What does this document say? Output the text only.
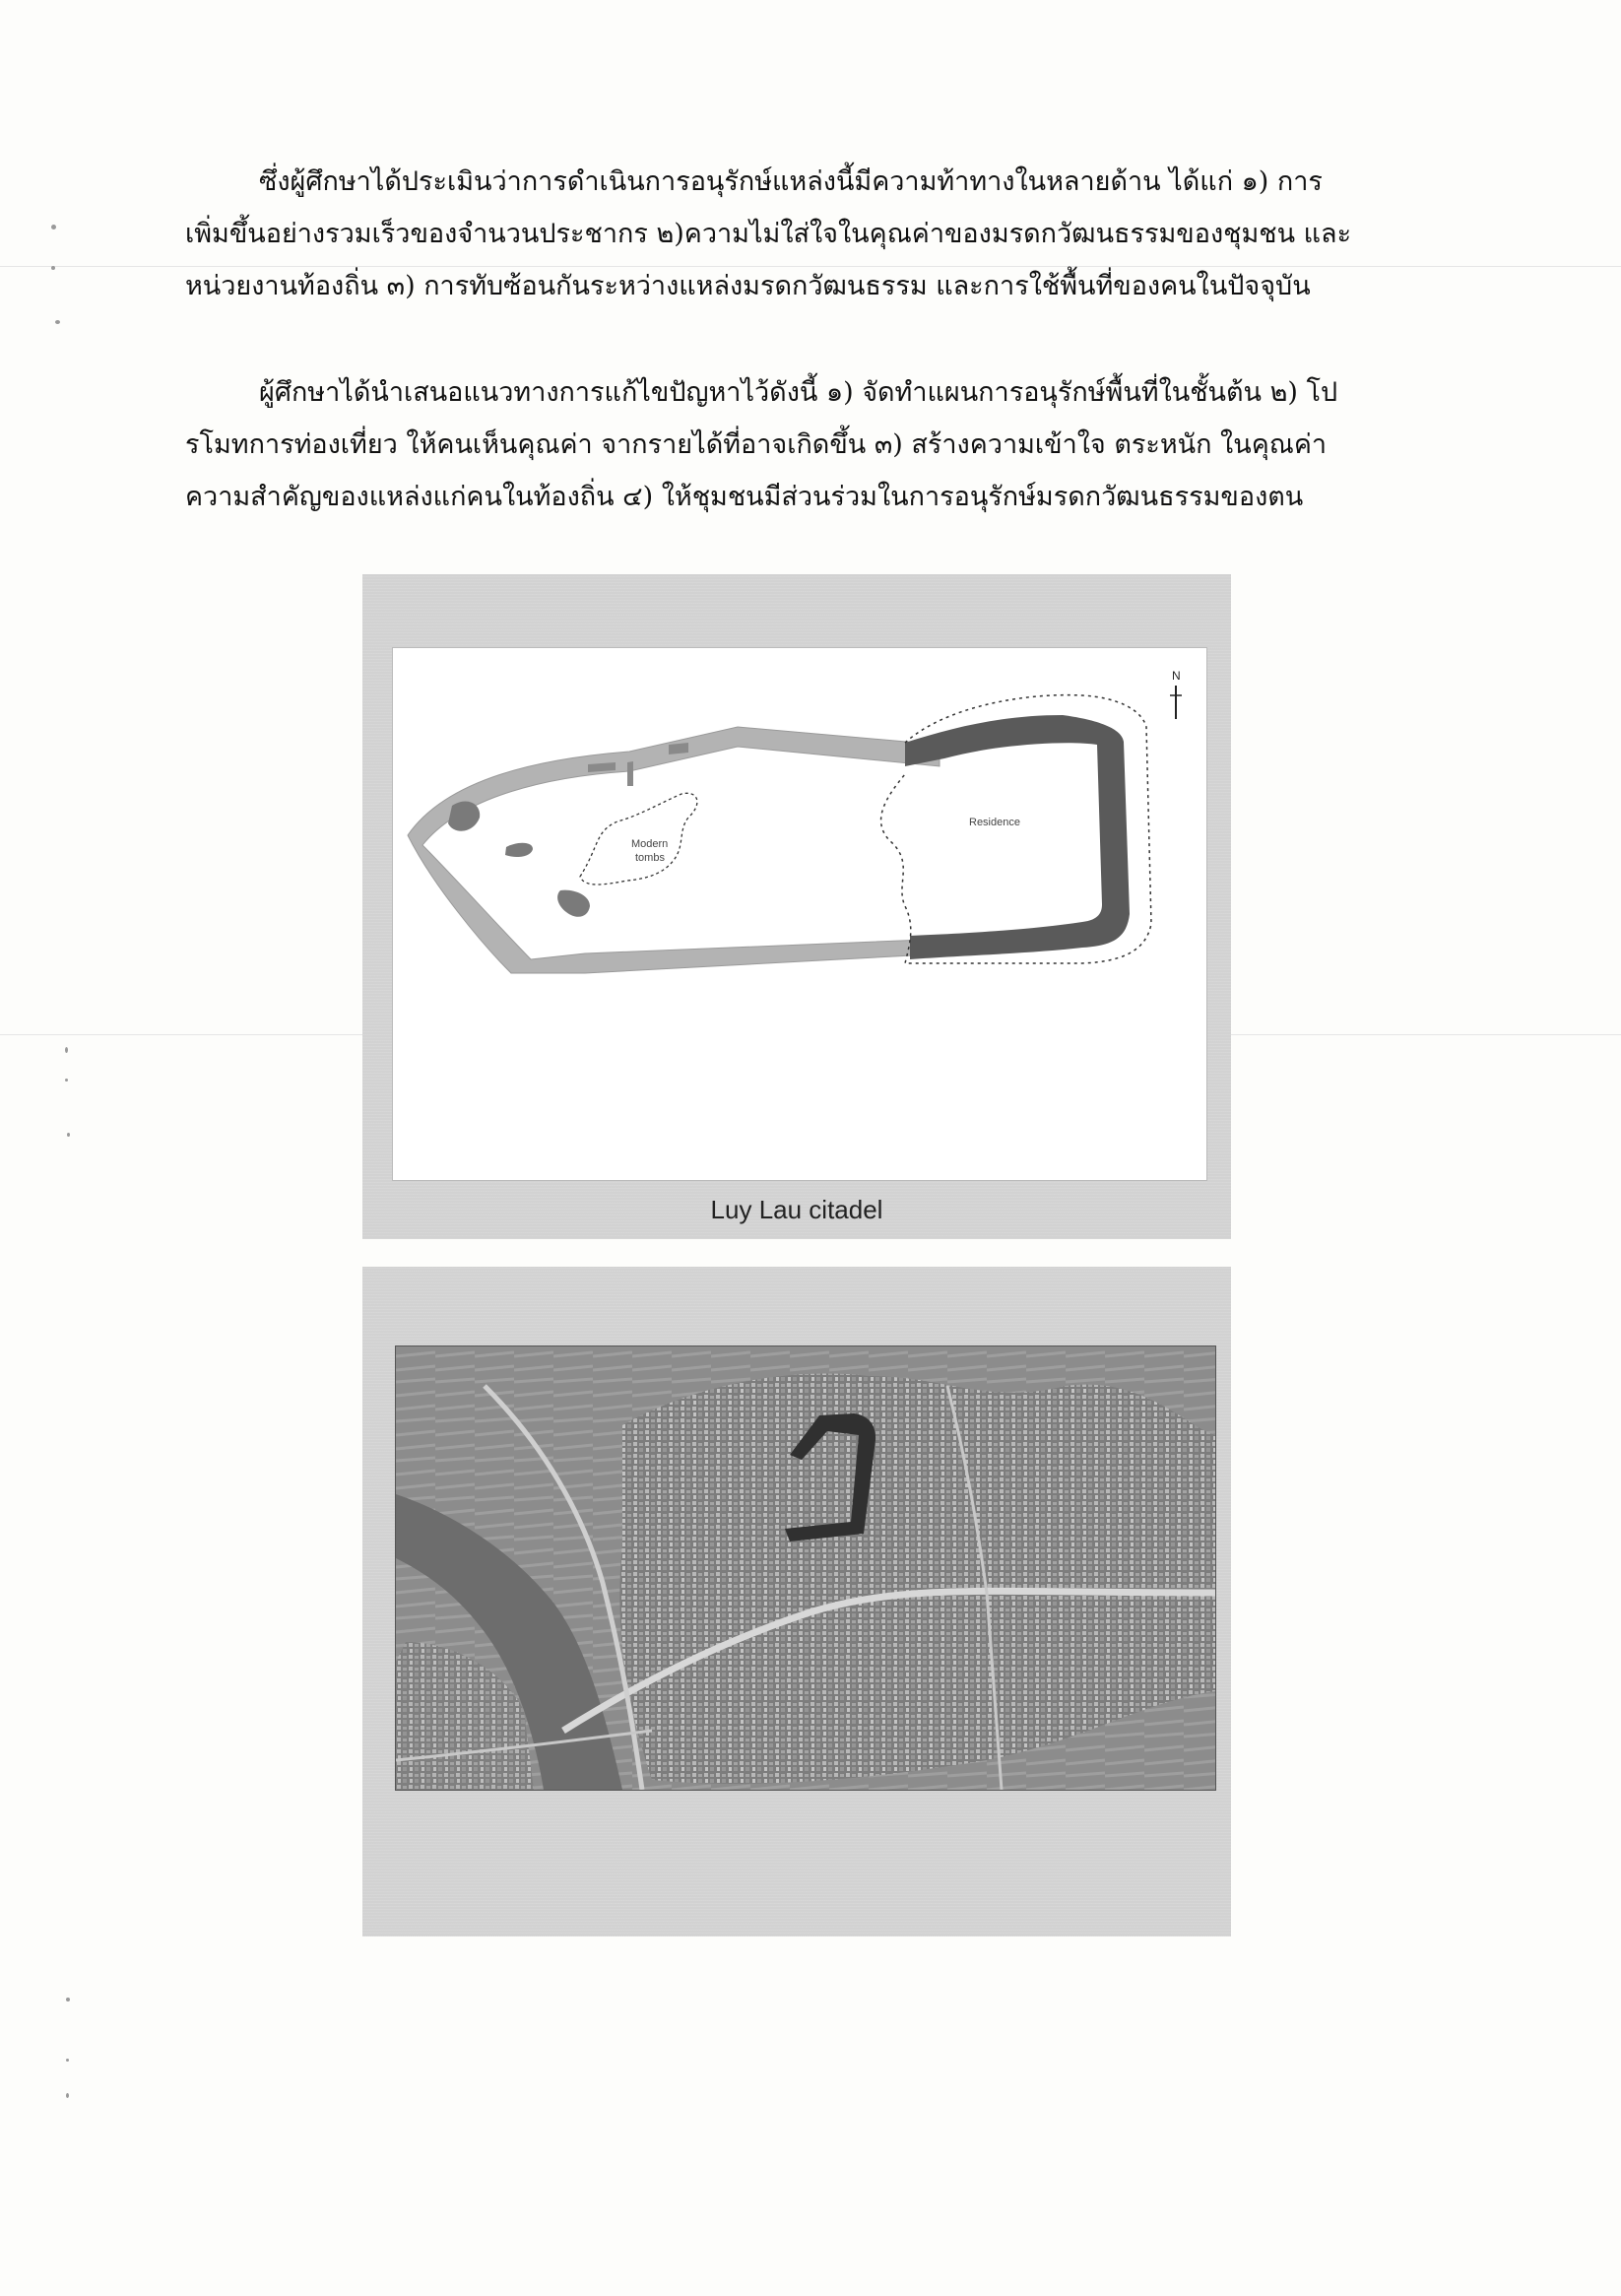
ซึ่งผู้ศึกษาได้ประเมินว่าการดำเนินการอนุรักษ์แหล่งนี้มีความท้าทางในหลายด้าน ได้แก่ ๑) การ
เพิ่มขึ้นอย่างรวมเร็วของจำนวนประชากร ๒)ความไม่ใส่ใจในคุณค่าของมรดกวัฒนธรรมของชุมชน และ
หน่วยงานท้องถิ่น ๓) การทับซ้อนกันระหว่างแหล่งมรดกวัฒนธรรม และการใช้พื้นที่ของคนในปัจจุบัน
ผู้ศึกษาได้นำเสนอแนวทางการแก้ไขปัญหาไว้ดังนี้ ๑) จัดทำแผนการอนุรักษ์พื้นที่ในชั้นต้น ๒) โป
รโมทการท่องเที่ยว ให้คนเห็นคุณค่า จากรายได้ที่อาจเกิดขึ้น ๓) สร้างความเข้าใจ ตระหนัก ในคุณค่า
ความสำคัญของแหล่งแก่คนในท้องถิ่น ๔) ให้ชุมชนมีส่วนร่วมในการอนุรักษ์มรดกวัฒนธรรมของตน
N
Modern
tombs
Residence
Luy Lau citadel
